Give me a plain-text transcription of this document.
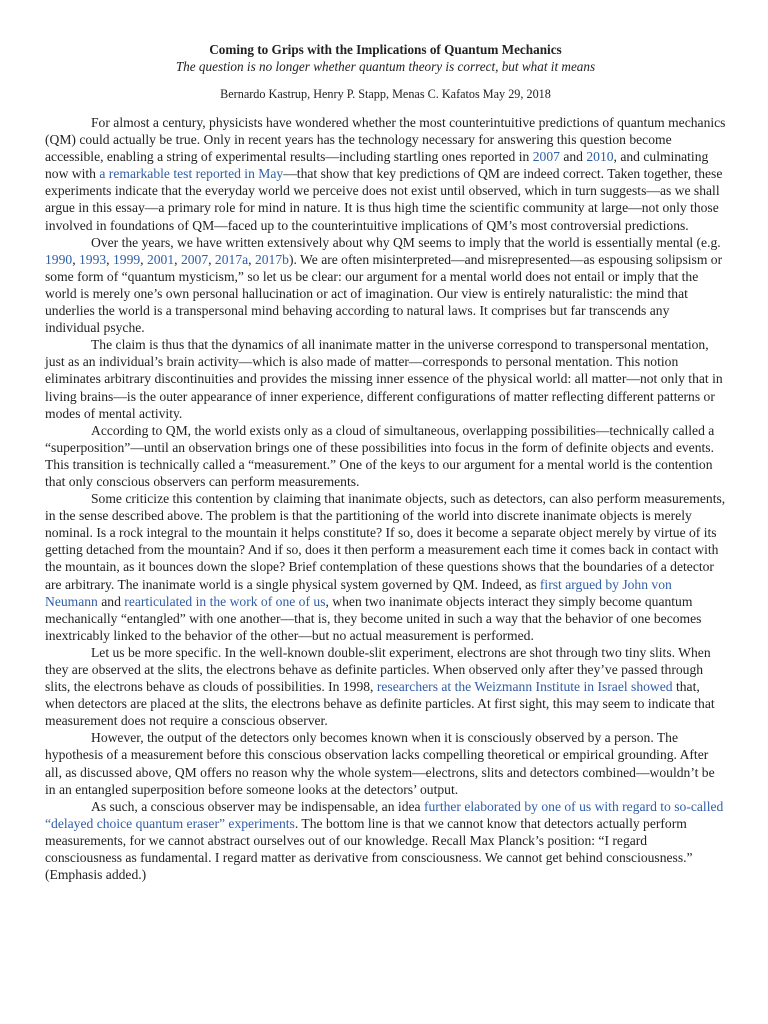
Coming to Grips with the Implications of Quantum Mechanics
The question is no longer whether quantum theory is correct, but what it means
Bernardo Kastrup, Henry P. Stapp, Menas C. Kafatos May 29, 2018

For almost a century, physicists have wondered whether the most counterintuitive predictions of quantum mechanics (QM) could actually be true. Only in recent years has the technology necessary for answering this question become accessible, enabling a string of experimental results—including startling ones reported in 2007 and 2010, and culminating now with a remarkable test reported in May—that show that key predictions of QM are indeed correct. Taken together, these experiments indicate that the everyday world we perceive does not exist until observed, which in turn suggests—as we shall argue in this essay—a primary role for mind in nature. It is thus high time the scientific community at large—not only those involved in foundations of QM—faced up to the counterintuitive implications of QM’s most controversial predictions.

Over the years, we have written extensively about why QM seems to imply that the world is essentially mental (e.g. 1990, 1993, 1999, 2001, 2007, 2017a, 2017b). We are often misinterpreted—and misrepresented—as espousing solipsism or some form of “quantum mysticism,” so let us be clear: our argument for a mental world does not entail or imply that the world is merely one’s own personal hallucination or act of imagination. Our view is entirely naturalistic: the mind that underlies the world is a transpersonal mind behaving according to natural laws. It comprises but far transcends any individual psyche.

The claim is thus that the dynamics of all inanimate matter in the universe correspond to transpersonal mentation, just as an individual’s brain activity—which is also made of matter—corresponds to personal mentation. This notion eliminates arbitrary discontinuities and provides the missing inner essence of the physical world: all matter—not only that in living brains—is the outer appearance of inner experience, different configurations of matter reflecting different patterns or modes of mental activity.

According to QM, the world exists only as a cloud of simultaneous, overlapping possibilities—technically called a “superposition”—until an observation brings one of these possibilities into focus in the form of definite objects and events. This transition is technically called a “measurement.” One of the keys to our argument for a mental world is the contention that only conscious observers can perform measurements.

Some criticize this contention by claiming that inanimate objects, such as detectors, can also perform measurements, in the sense described above. The problem is that the partitioning of the world into discrete inanimate objects is merely nominal. Is a rock integral to the mountain it helps constitute? If so, does it become a separate object merely by virtue of its getting detached from the mountain? And if so, does it then perform a measurement each time it comes back in contact with the mountain, as it bounces down the slope? Brief contemplation of these questions shows that the boundaries of a detector are arbitrary. The inanimate world is a single physical system governed by QM. Indeed, as first argued by John von Neumann and rearticulated in the work of one of us, when two inanimate objects interact they simply become quantum mechanically “entangled” with one another—that is, they become united in such a way that the behavior of one becomes inextricably linked to the behavior of the other—but no actual measurement is performed.

Let us be more specific. In the well-known double-slit experiment, electrons are shot through two tiny slits. When they are observed at the slits, the electrons behave as definite particles. When observed only after they’ve passed through slits, the electrons behave as clouds of possibilities. In 1998, researchers at the Weizmann Institute in Israel showed that, when detectors are placed at the slits, the electrons behave as definite particles. At first sight, this may seem to indicate that measurement does not require a conscious observer.

However, the output of the detectors only becomes known when it is consciously observed by a person. The hypothesis of a measurement before this conscious observation lacks compelling theoretical or empirical grounding. After all, as discussed above, QM offers no reason why the whole system—electrons, slits and detectors combined—wouldn’t be in an entangled superposition before someone looks at the detectors’ output.

As such, a conscious observer may be indispensable, an idea further elaborated by one of us with regard to so-called “delayed choice quantum eraser” experiments. The bottom line is that we cannot know that detectors actually perform measurements, for we cannot abstract ourselves out of our knowledge. Recall Max Planck’s position: “I regard consciousness as fundamental. I regard matter as derivative from consciousness. We cannot get behind consciousness.” (Emphasis added.)
